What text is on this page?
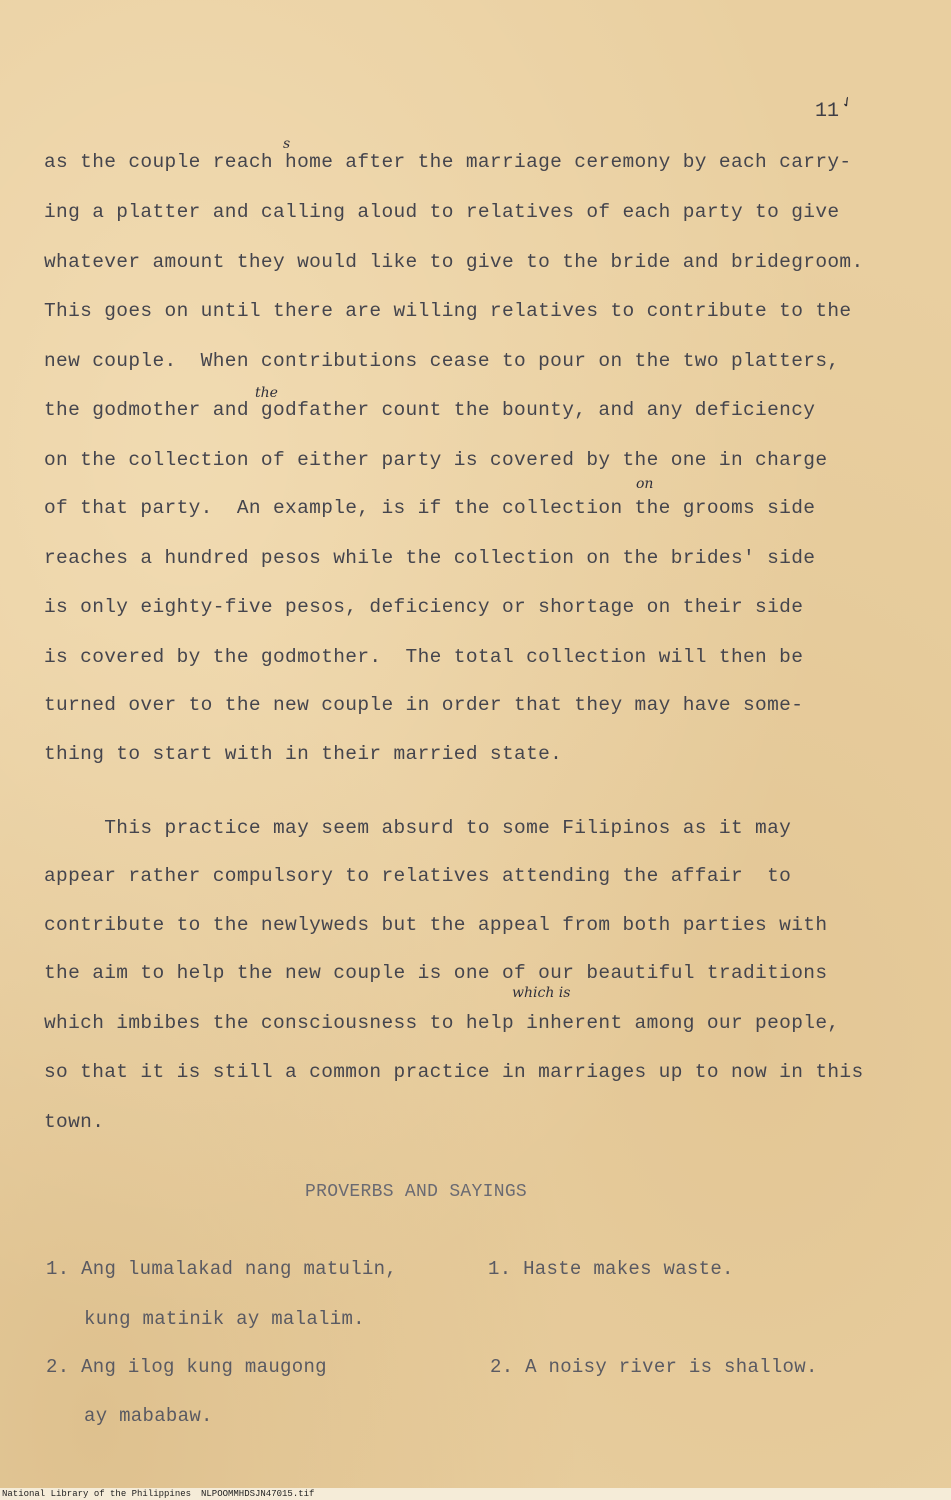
11 ✓
as the couple reach home after the marriage ceremony by each carry-
ing a platter and calling aloud to relatives of each party to give
whatever amount they would like to give to the bride and bridegroom.
This goes on until there are willing relatives to contribute to the
new couple.  When contributions cease to pour on the two platters,
the godmother and godfather count the bounty, and any deficiency
on the collection of either party is covered by the one in charge
of that party.  An example, is if the collection the grooms side
reaches a hundred pesos while the collection on the brides' side
is only eighty-five pesos, deficiency or shortage on their side
is covered by the godmother.  The total collection will then be
turned over to the new couple in order that they may have some-
thing to start with in their married state.
s
the
on
which is
This practice may seem absurd to some Filipinos as it may
appear rather compulsory to relatives attending the affair  to
contribute to the newlyweds but the appeal from both parties with
the aim to help the new couple is one of our beautiful traditions
which imbibes the consciousness to help inherent among our people,
so that it is still a common practice in marriages up to now in this
town.
PROVERBS AND SAYINGS
1. Ang lumalakad nang matulin,
kung matinik ay malalim.
1. Haste makes waste.
2. Ang ilog kung maugong
ay mababaw.
2. A noisy river is shallow.
National Library of the Philippines NLPOOMMHDSJN47015.tif
